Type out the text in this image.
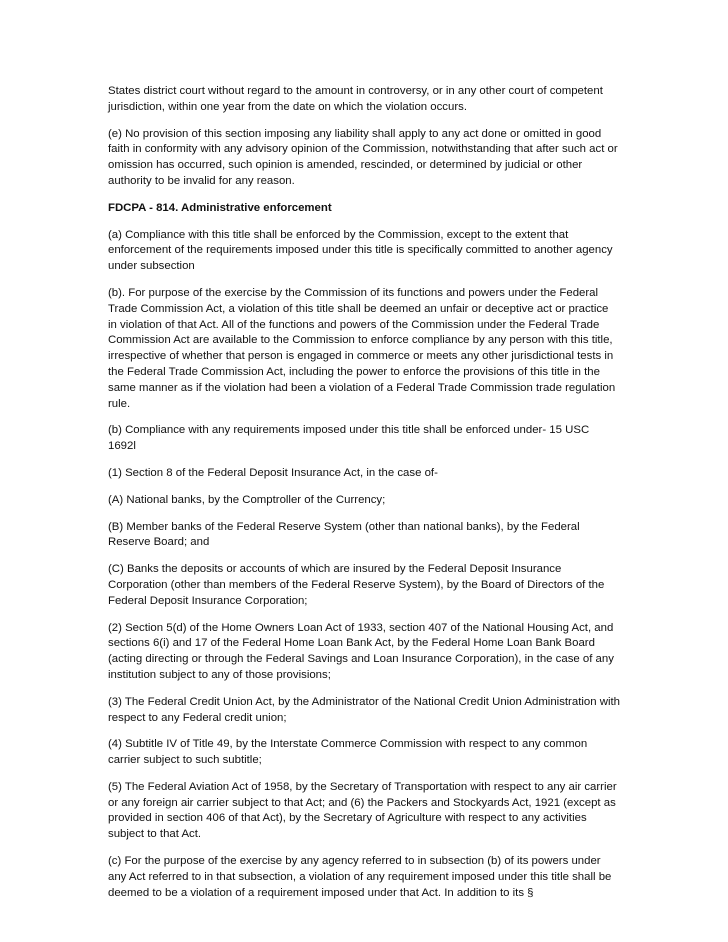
States district court without regard to the amount in controversy, or in any other court of competent jurisdiction, within one year from the date on which the violation occurs.

(e) No provision of this section imposing any liability shall apply to any act done or omitted in good faith in conformity with any advisory opinion of the Commission, notwithstanding that after such act or omission has occurred, such opinion is amended, rescinded, or determined by judicial or other authority to be invalid for any reason.

FDCPA - 814. Administrative enforcement

(a) Compliance with this title shall be enforced by the Commission, except to the extent that enforcement of the requirements imposed under this title is specifically committed to another agency under subsection

(b). For purpose of the exercise by the Commission of its functions and powers under the Federal Trade Commission Act, a violation of this title shall be deemed an unfair or deceptive act or practice in violation of that Act. All of the functions and powers of the Commission under the Federal Trade Commission Act are available to the Commission to enforce compliance by any person with this title, irrespective of whether that person is engaged in commerce or meets any other jurisdictional tests in the Federal Trade Commission Act, including the power to enforce the provisions of this title in the same manner as if the violation had been a violation of a Federal Trade Commission trade regulation rule.

(b) Compliance with any requirements imposed under this title shall be enforced under- 15 USC 1692l

(1) Section 8 of the Federal Deposit Insurance Act, in the case of-

(A) National banks, by the Comptroller of the Currency;

(B) Member banks of the Federal Reserve System (other than national banks), by the Federal Reserve Board; and

(C) Banks the deposits or accounts of which are insured by the Federal Deposit Insurance Corporation (other than members of the Federal Reserve System), by the Board of Directors of the Federal Deposit Insurance Corporation;

(2) Section 5(d) of the Home Owners Loan Act of 1933, section 407 of the National Housing Act, and sections 6(i) and 17 of the Federal Home Loan Bank Act, by the Federal Home Loan Bank Board (acting directing or through the Federal Savings and Loan Insurance Corporation), in the case of any institution subject to any of those provisions;

(3) The Federal Credit Union Act, by the Administrator of the National Credit Union Administration with respect to any Federal credit union;

(4) Subtitle IV of Title 49, by the Interstate Commerce Commission with respect to any common carrier subject to such subtitle;

(5) The Federal Aviation Act of 1958, by the Secretary of Transportation with respect to any air carrier or any foreign air carrier subject to that Act; and (6) the Packers and Stockyards Act, 1921 (except as provided in section 406 of that Act), by the Secretary of Agriculture with respect to any activities subject to that Act.

(c) For the purpose of the exercise by any agency referred to in subsection (b) of its powers under any Act referred to in that subsection, a violation of any requirement imposed under this title shall be deemed to be a violation of a requirement imposed under that Act. In addition to its §
